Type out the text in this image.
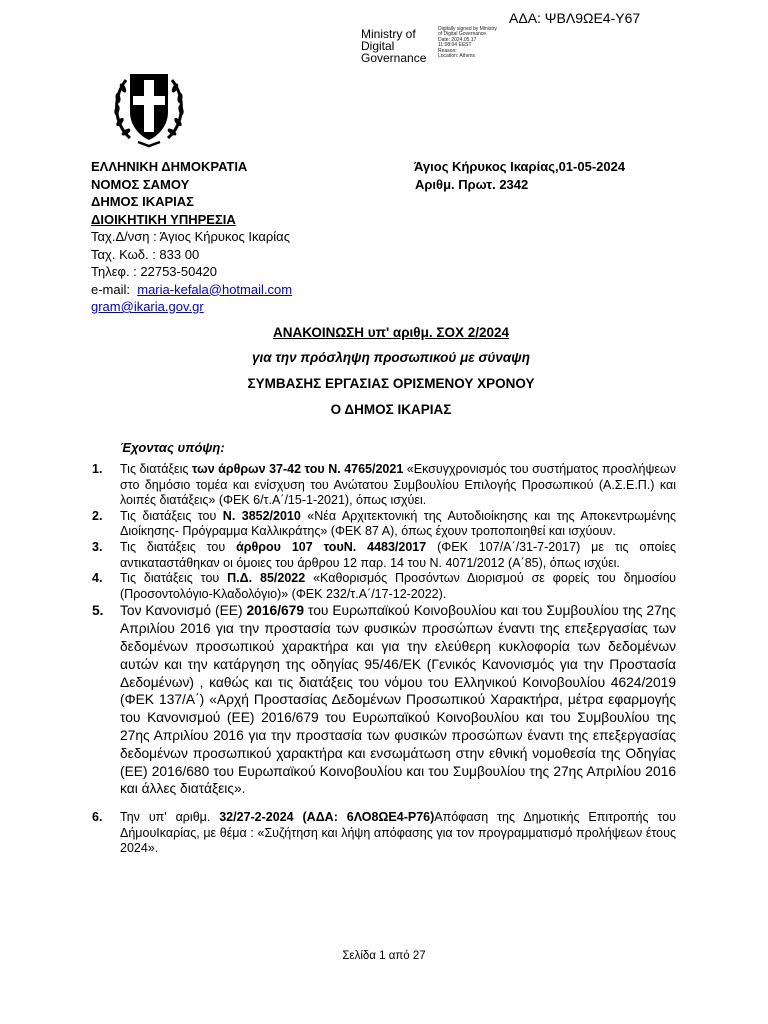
ΑΔΑ: ΨΒΛ9ΩΕ4-Υ67
Ministry of
Digital
Governance
Digitally signed by Ministry
of Digital Governance
Date: 2024.05.17
11:08:04 EEST
Reason:
Location: Athens
ΕΛΛΗΝΙΚΗ ΔΗΜΟΚΡΑΤΙΑ
ΝΟΜΟΣ ΣΑΜΟΥ
ΔΗΜΟΣ ΙΚΑΡΙΑΣ
ΔΙΟΙΚΗΤΙΚΗ ΥΠΗΡΕΣΙΑ
Ταχ.Δ/νση : Άγιος Κήρυκος Ικαρίας
Ταχ. Κωδ. : 833 00
Τηλεφ. : 22753-50420
e-mail: maria-kefala@hotmail.com
gram@ikaria.gov.gr
Άγιος Κήρυκος Ικαρίας,01-05-2024
Αριθμ. Πρωτ. 2342
ΑΝΑΚΟΙΝΩΣΗ υπ' αριθμ. ΣΟΧ 2/2024
για την πρόσληψη προσωπικού με σύναψη
ΣΥΜΒΑΣΗΣ ΕΡΓΑΣΙΑΣ ΟΡΙΣΜΕΝΟΥ ΧΡΟΝΟΥ
Ο ΔΗΜΟΣ ΙΚΑΡΙΑΣ
Έχοντας υπόψη:
1. Τις διατάξεις των άρθρων 37-42 του Ν. 4765/2021 «Εκσυγχρονισμός του συστήματος προσλήψεων στο δημόσιο τομέα και ενίσχυση του Ανώτατου Συμβουλίου Επιλογής Προσωπικού (Α.Σ.Ε.Π.) και λοιπές διατάξεις» (ΦΕΚ 6/τ.Α΄/15-1-2021), όπως ισχύει.
2. Τις διατάξεις του Ν. 3852/2010 «Νέα Αρχιτεκτονική της Αυτοδιοίκησης και της Αποκεντρωμένης Διοίκησης- Πρόγραμμα Καλλικράτης» (ΦΕΚ 87 Α), όπως έχουν τροποποιηθεί και ισχύουν.
3. Τις διατάξεις του άρθρου 107 τουΝ. 4483/2017 (ΦΕΚ 107/Α΄/31-7-2017) με τις οποίες αντικαταστάθηκαν οι όμοιες του άρθρου 12 παρ. 14 του Ν. 4071/2012 (Α΄85), όπως ισχύει.
4. Τις διατάξεις του Π.Δ. 85/2022 «Καθορισμός Προσόντων Διορισμού σε φορείς του δημοσίου (Προσοντολόγιο-Κλαδολόγιο)» (ΦΕΚ 232/τ.Α΄/17-12-2022).
5. Τον Κανονισμό (ΕΕ) 2016/679 του Ευρωπαϊκού Κοινοβουλίου και του Συμβουλίου της 27ης Απριλίου 2016 για την προστασία των φυσικών προσώπων έναντι της επεξεργασίας των δεδομένων προσωπικού χαρακτήρα και για την ελεύθερη κυκλοφορία των δεδομένων αυτών και την κατάργηση της οδηγίας 95/46/ΕΚ (Γενικός Κανονισμός για την Προστασία Δεδομένων) , καθώς και τις διατάξεις του νόμου του Ελληνικού Κοινοβουλίου 4624/2019 (ΦΕΚ 137/Α΄) «Αρχή Προστασίας Δεδομένων Προσωπικού Χαρακτήρα, μέτρα εφαρμογής του Κανονισμού (ΕΕ) 2016/679 του Ευρωπαϊκού Κοινοβουλίου και του Συμβουλίου της 27ης Απριλίου 2016 για την προστασία των φυσικών προσώπων έναντι της επεξεργασίας δεδομένων προσωπικού χαρακτήρα και ενσωμάτωση στην εθνική νομοθεσία της Οδηγίας (ΕΕ) 2016/680 του Ευρωπαϊκού Κοινοβουλίου και του Συμβουλίου της 27ης Απριλίου 2016 και άλλες διατάξεις».
6. Την υπ' αριθμ. 32/27-2-2024 (ΑΔΑ: 6ΛΟ8ΩΕ4-Ρ76)Απόφαση της Δημοτικής Επιτροπής του ΔήμουΙκαρίας, με θέμα : «Συζήτηση και λήψη απόφασης για τον προγραμματισμό προλήψεων έτους 2024».
Σελίδα 1 από 27
